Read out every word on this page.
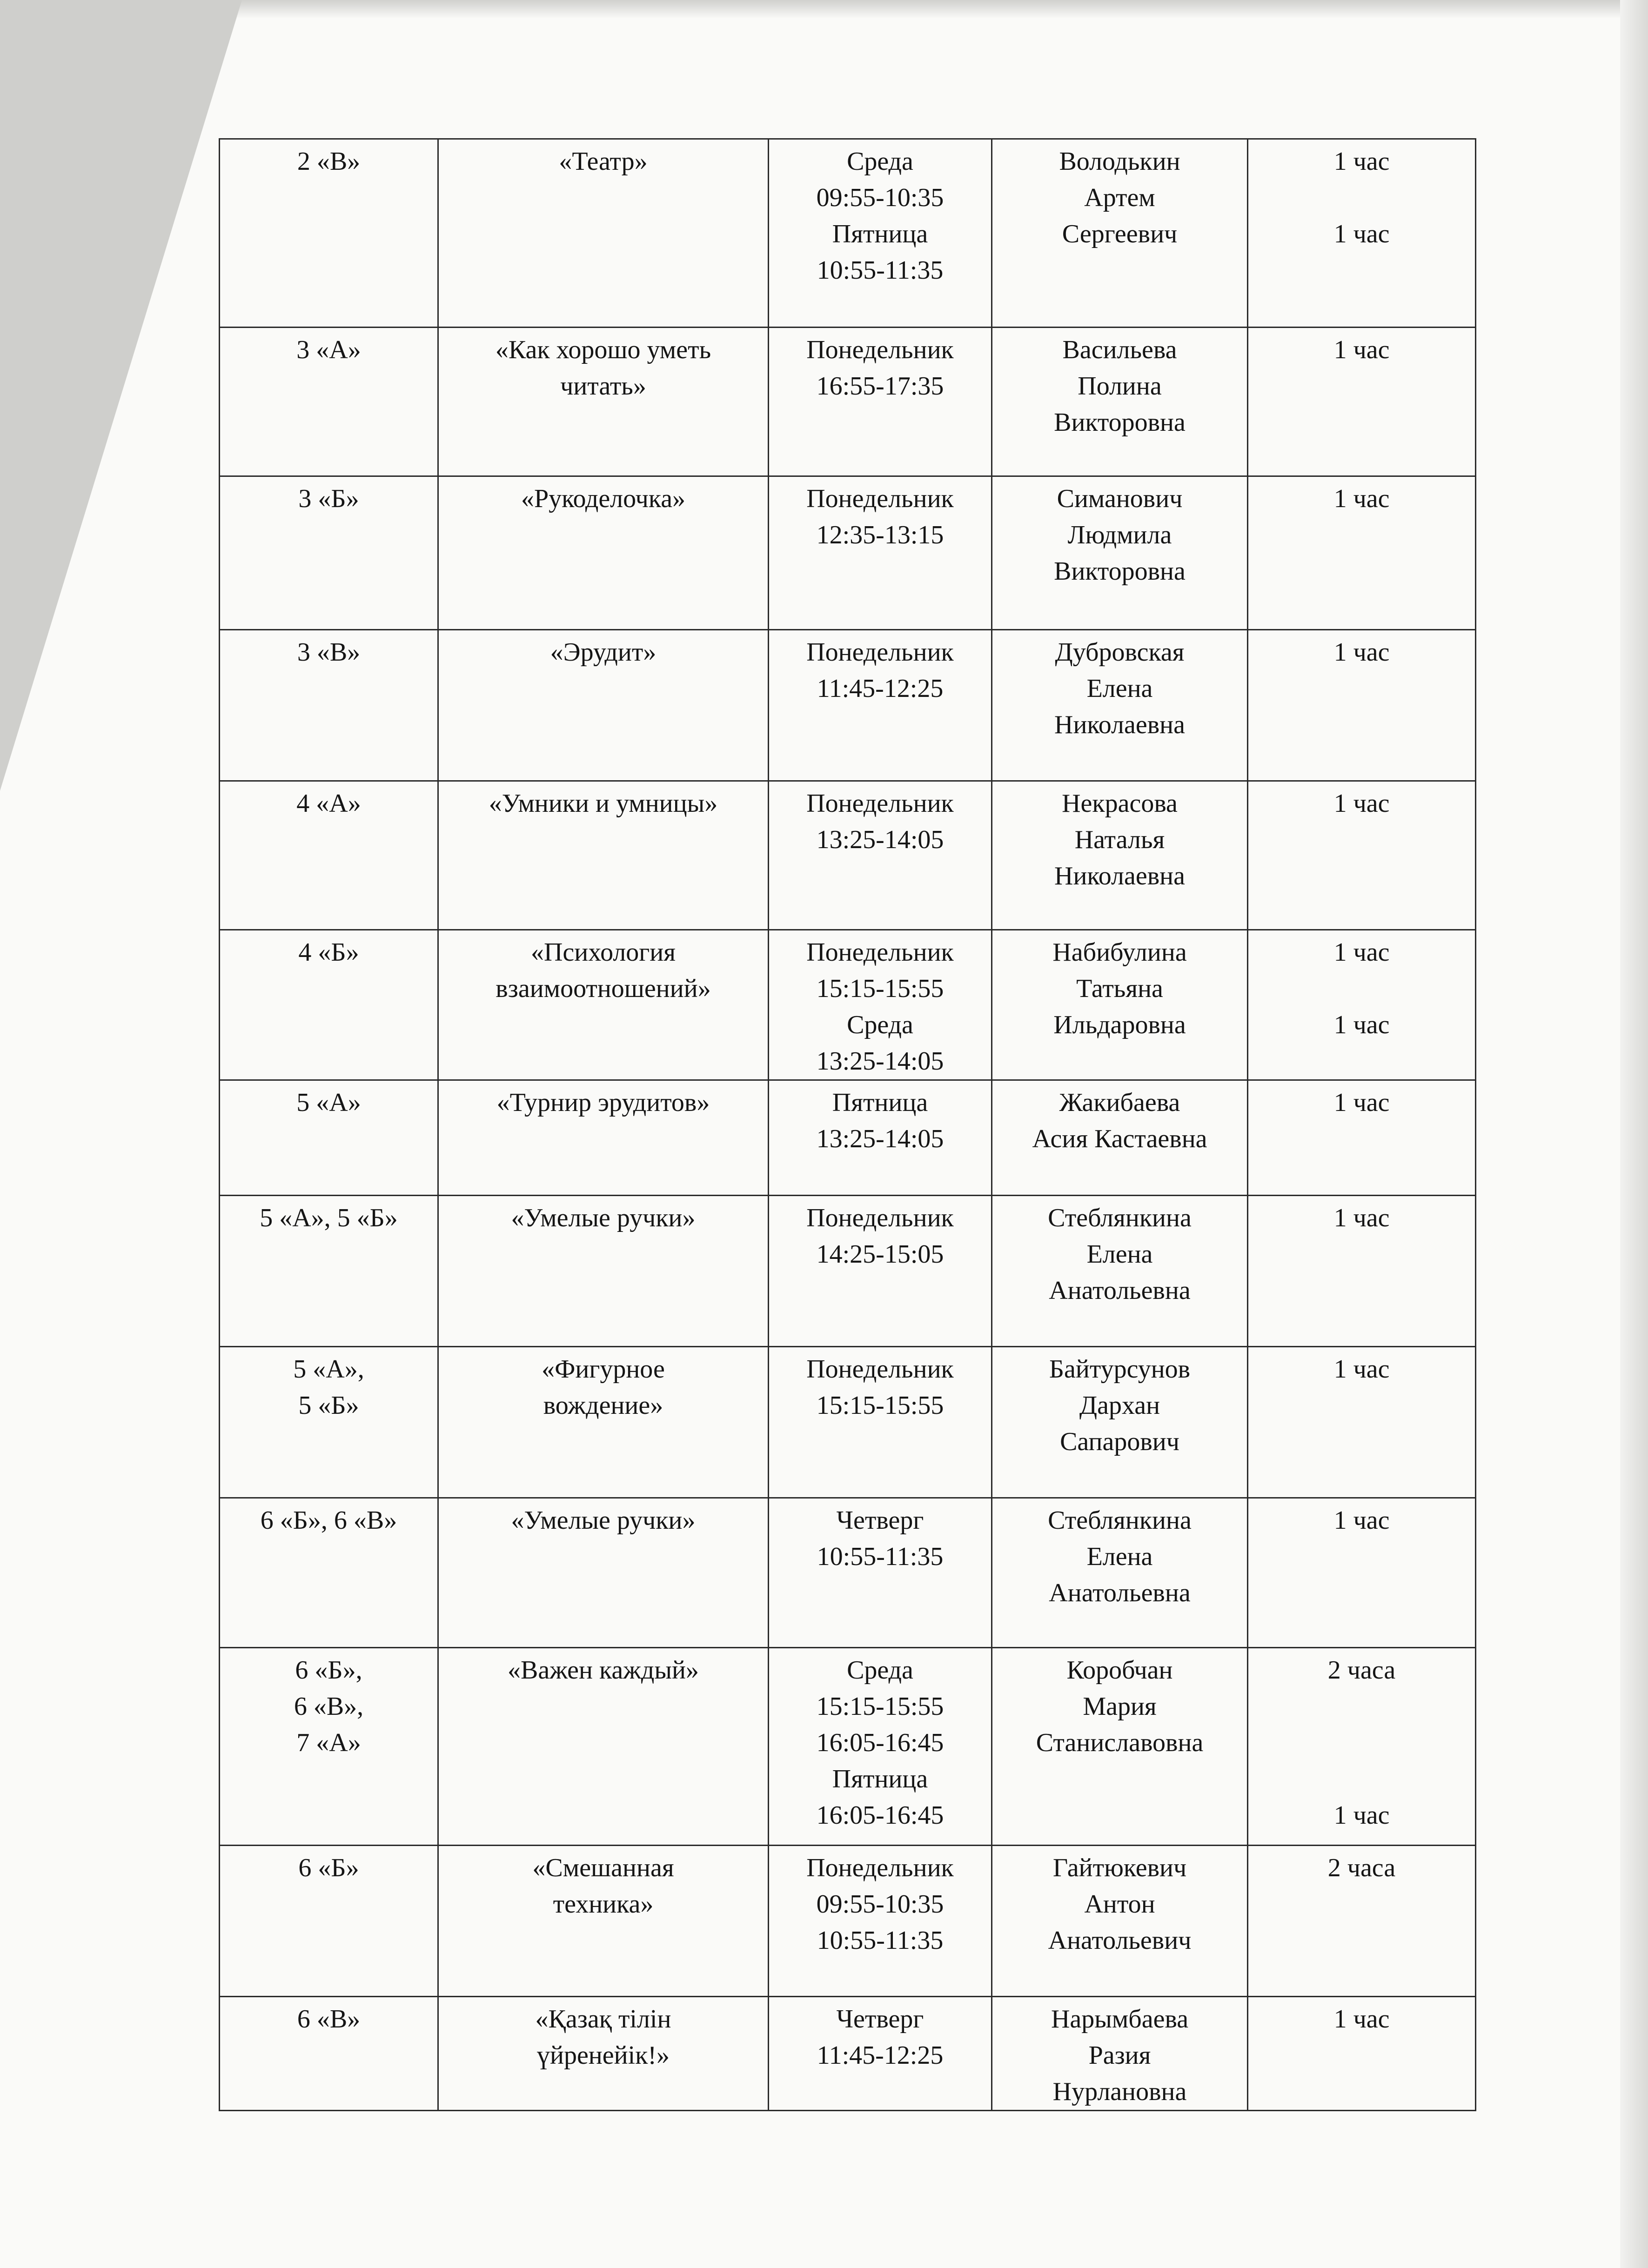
2 «В»	«Театр»	Среда
09:55-10:35
Пятница
10:55-11:35	Володькин
Артем
Сергеевич	1 час
1 час

3 «А»	«Как хорошо уметь
читать»	Понедельник
16:55-17:35	Васильева
Полина
Викторовна	1 час

3 «Б»	«Рукоделочка»	Понедельник
12:35-13:15	Симанович
Людмила
Викторовна	1 час

3 «В»	«Эрудит»	Понедельник
11:45-12:25	Дубровская
Елена
Николаевна	1 час

4 «А»	«Умники и умницы»	Понедельник
13:25-14:05	Некрасова
Наталья
Николаевна	1 час

4 «Б»	«Психология
взаимоотношений»	Понедельник
15:15-15:55
Среда
13:25-14:05	Набибулина
Татьяна
Ильдаровна	1 час
1 час

5 «А»	«Турнир эрудитов»	Пятница
13:25-14:05	Жакибаева
Асия Кастаевна	1 час

5 «А», 5 «Б»	«Умелые ручки»	Понедельник
14:25-15:05	Стеблянкина
Елена
Анатольевна	1 час

5 «А»,
5 «Б»	«Фигурное
вождение»	Понедельник
15:15-15:55	Байтурсунов
Дархан
Сапарович	1 час

6 «Б», 6 «В»	«Умелые ручки»	Четверг
10:55-11:35	Стеблянкина
Елена
Анатольевна	1 час

6 «Б»,
6 «В»,
7 «А»	«Важен каждый»	Среда
15:15-15:55
16:05-16:45
Пятница
16:05-16:45	Коробчан
Мария
Станиславовна	2 часа
1 час

6 «Б»	«Смешанная
техника»	Понедельник
09:55-10:35
10:55-11:35	Гайтюкевич
Антон
Анатольевич	2 часа

6 «В»	«Қазақ тілін
үйренейік!»	Четверг
11:45-12:25	Нарымбаева
Разия
Нурлановна	1 час
